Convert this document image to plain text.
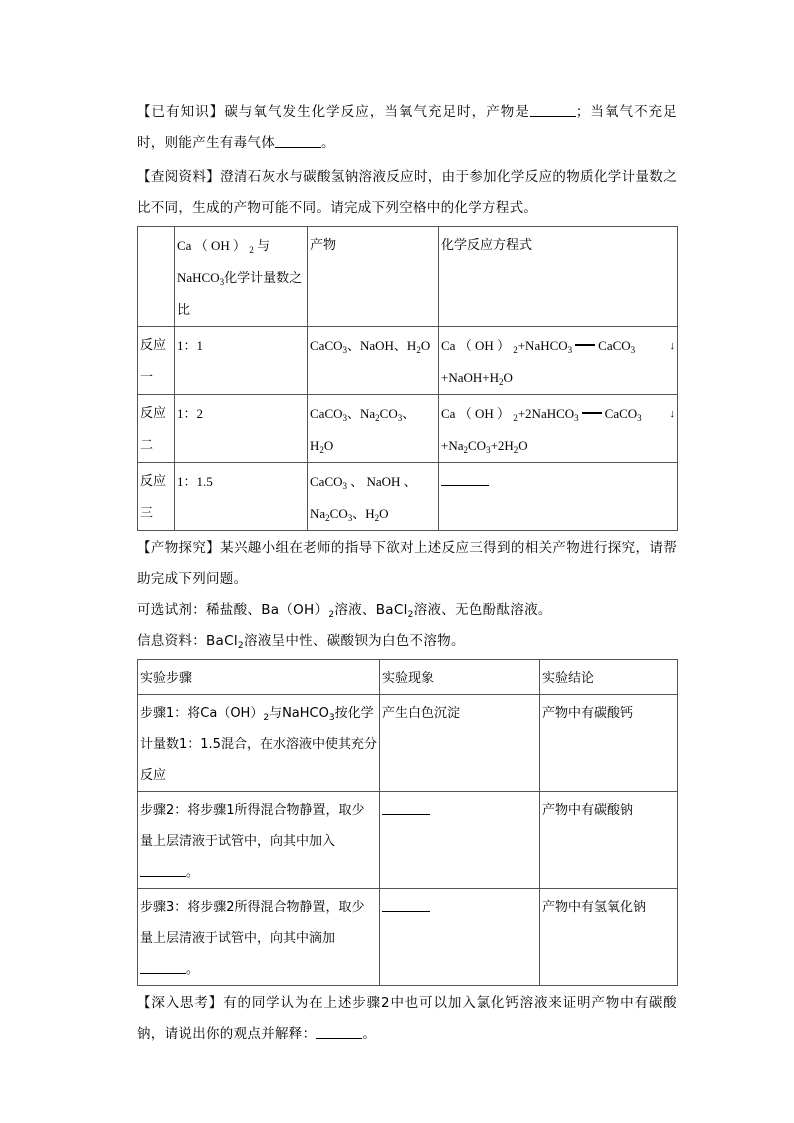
【已有知识】碳与氧气发生化学反应，当氧气充足时，产物是	；当氧气不充足时，则能产生有毒气体	。

【查阅资料】澄清石灰水与碳酸氢钠溶液反应时，由于参加化学反应的物质化学计量数之比不同，生成的产物可能不同。请完成下列空格中的化学方程式。

	Ca （ OH ） $_2$ 与NaHCO$_3$化学计量数之比	产物	化学反应方程式
反应一	1：1	CaCO$_3$、NaOH、$H_2O$	Ca （ OH ） $_2$+NaHCO$_3$ CaCO$_3$ ↓

$+NaOH+H_2O$
反应二	1：2	CaCO$_3$、$Na_2CO_3$、$H_2O$	Ca （ OH ） $_2$+2NaHCO$_3$ CaCO$_3$ ↓

$+Na_2CO_3+2H_2O$
反应三	1：1.5	CaCO$_3$ 、 NaOH 、
$Na_2CO_3$、$H_2O$	

【产物探究】某兴趣小组在老师的指导下欲对上述反应三得到的相关产物进行探究，请帮助完成下列问题。

可选试剂：稀盐酸、$Ba(OH)_2$溶液、BaCl$_2$溶液、无色酚酞溶液。

信息资料：BaCl$_2$溶液呈中性、碳酸钡为白色不溶物。

实验步骤	实验现象	实验结论
步骤1：将$Ca(OH)_2$与NaHCO$_3$按化学计量数1：1.5混合，在水溶液中使其充分反应	产生白色沉淀	产物中有碳酸钙
步骤2：将步骤1所得混合物静置，取少量上层清液于试管中，向其中加入。		产物中有碳酸钠
步骤3：将步骤2所得混合物静置，取少量上层清液于试管中，向其中滴加。		产物中有氢氧化钠

【深入思考】有的同学认为在上述步骤2中也可以加入氯化钙溶液来证明产物中有碳酸钠，请说出你的观点并解释：	。
